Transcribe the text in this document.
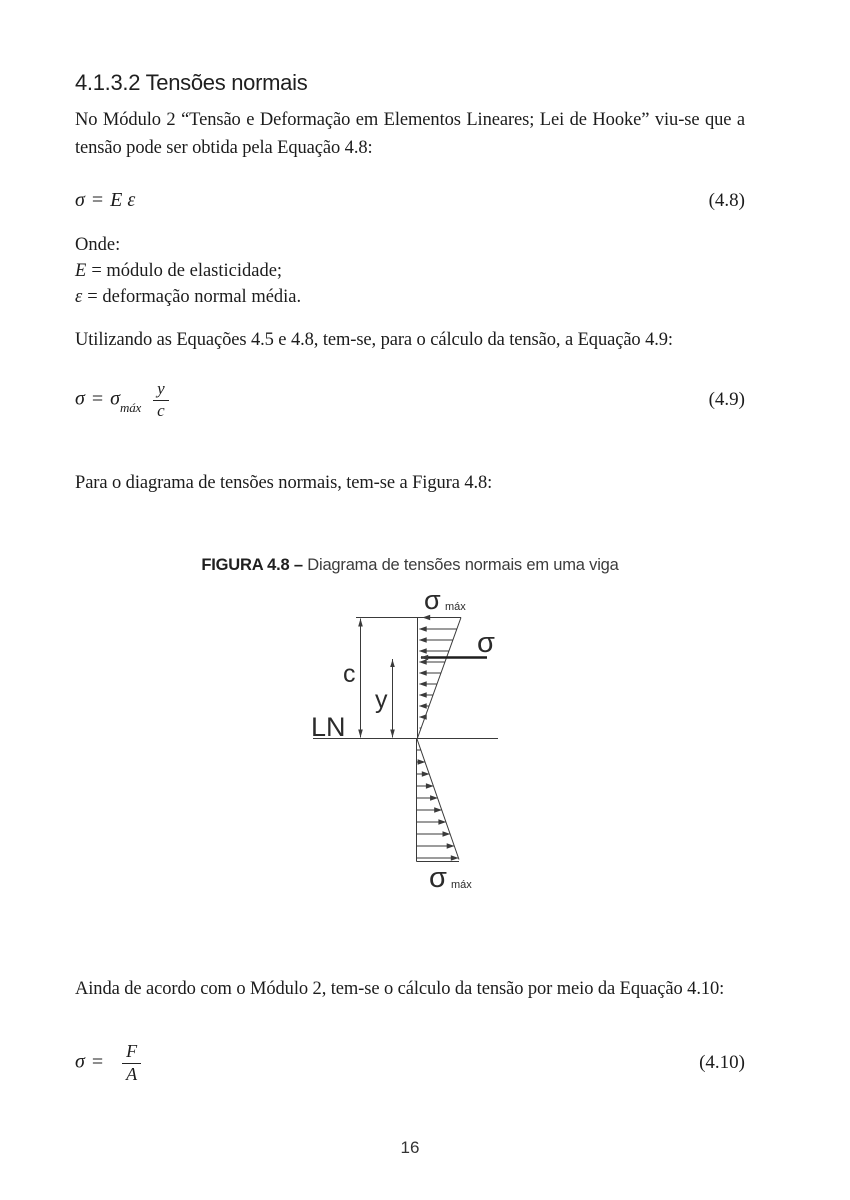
4.1.3.2 Tensões normais

No Módulo 2 “Tensão e Deformação em Elementos Lineares; Lei de Hooke” viu-se que a tensão pode ser obtida pela Equação 4.8:

σ = E ε	(4.8)
Onde:
E = módulo de elasticidade;
ε = deformação normal média.

Utilizando as Equações 4.5 e 4.8, tem-se, para o cálculo da tensão, a Equação 4.9:

$\sigma = \sigma_{máx} \frac{y}{c}$	(4.9)

Para o diagrama de tensões normais, tem-se a Figura 4.8:

FIGURA 4.8 – Diagrama de tensões normais em uma viga
σ máx
σ
c
y
LN
σ máx

Ainda de acordo com o Módulo 2, tem-se o cálculo da tensão por meio da Equação 4.10:

$\sigma = \frac{F}{A}$	(4.10)
16
